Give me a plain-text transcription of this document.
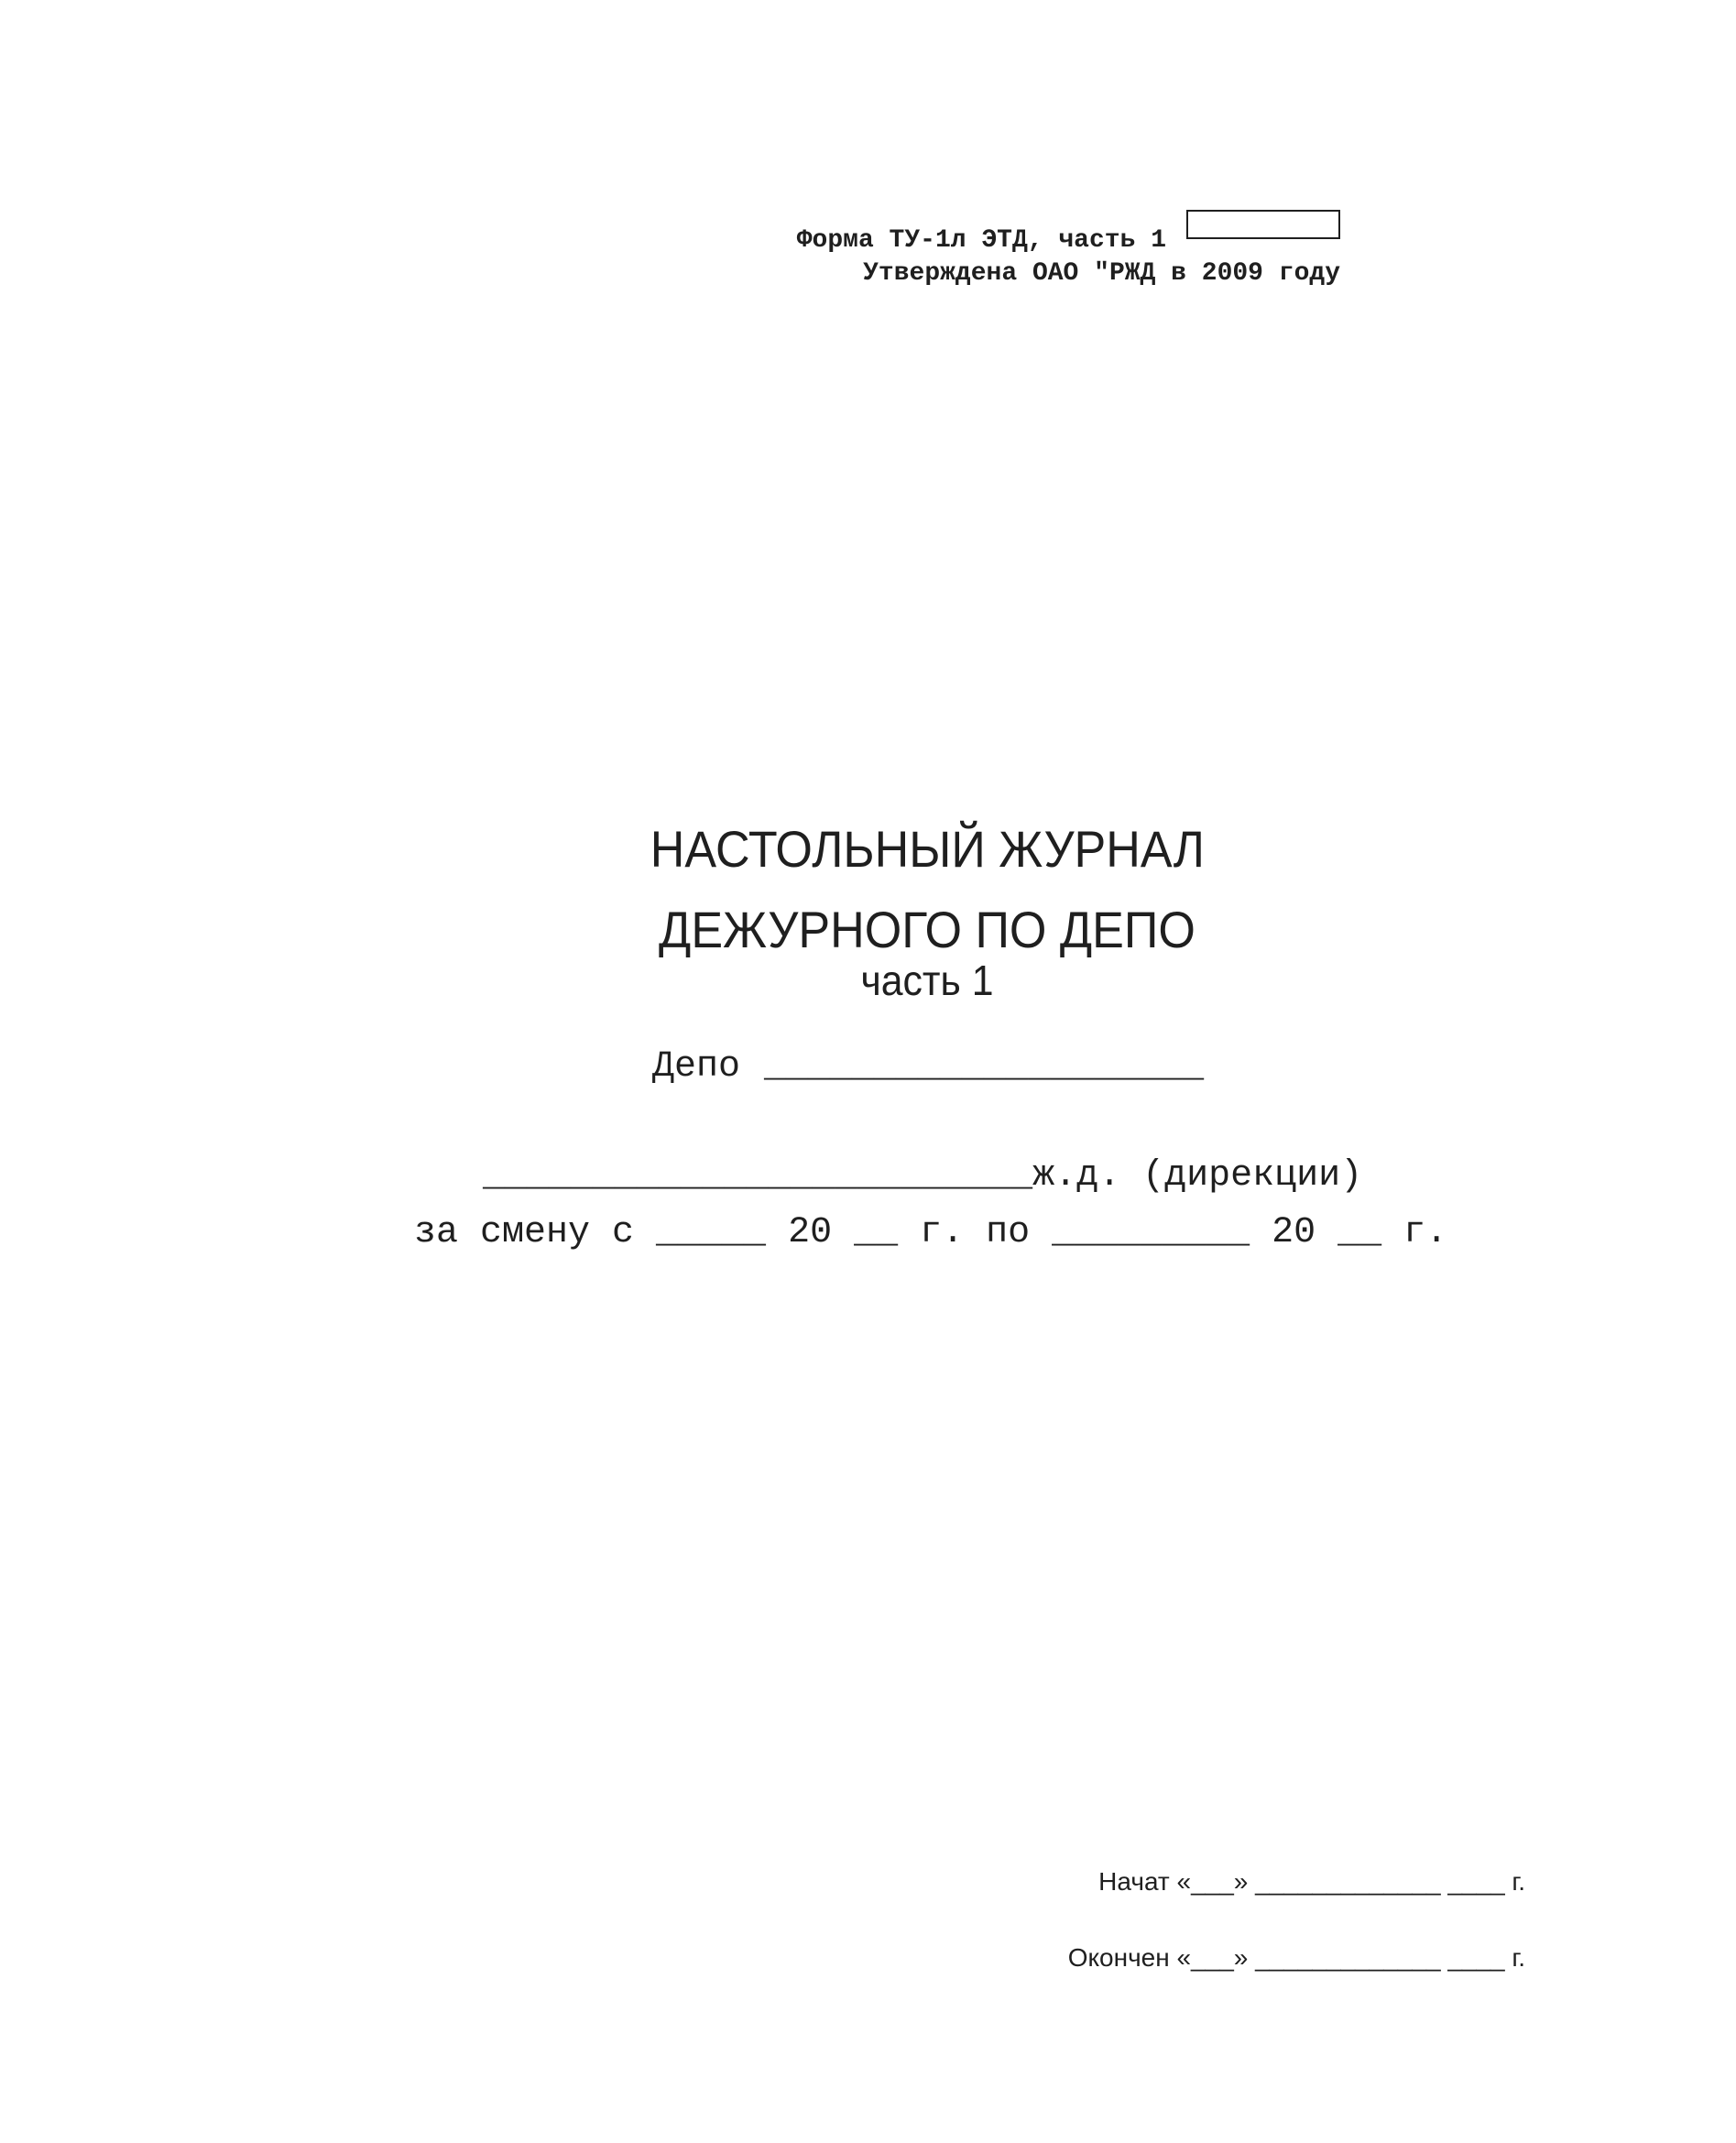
Форма ТУ-1л ЭТД, часть 1
Утверждена ОАО "РЖД в 2009 году
НАСТОЛЬНЫЙ ЖУРНАЛ
ДЕЖУРНОГО ПО ДЕПО
часть 1
Депо ____________________
_________________________ж.д. (дирекции)
за смену с _____ 20 __ г. по _________ 20 __ г.
Начат «___» _____________ ____ г.
Окончен «___» _____________ ____ г.
